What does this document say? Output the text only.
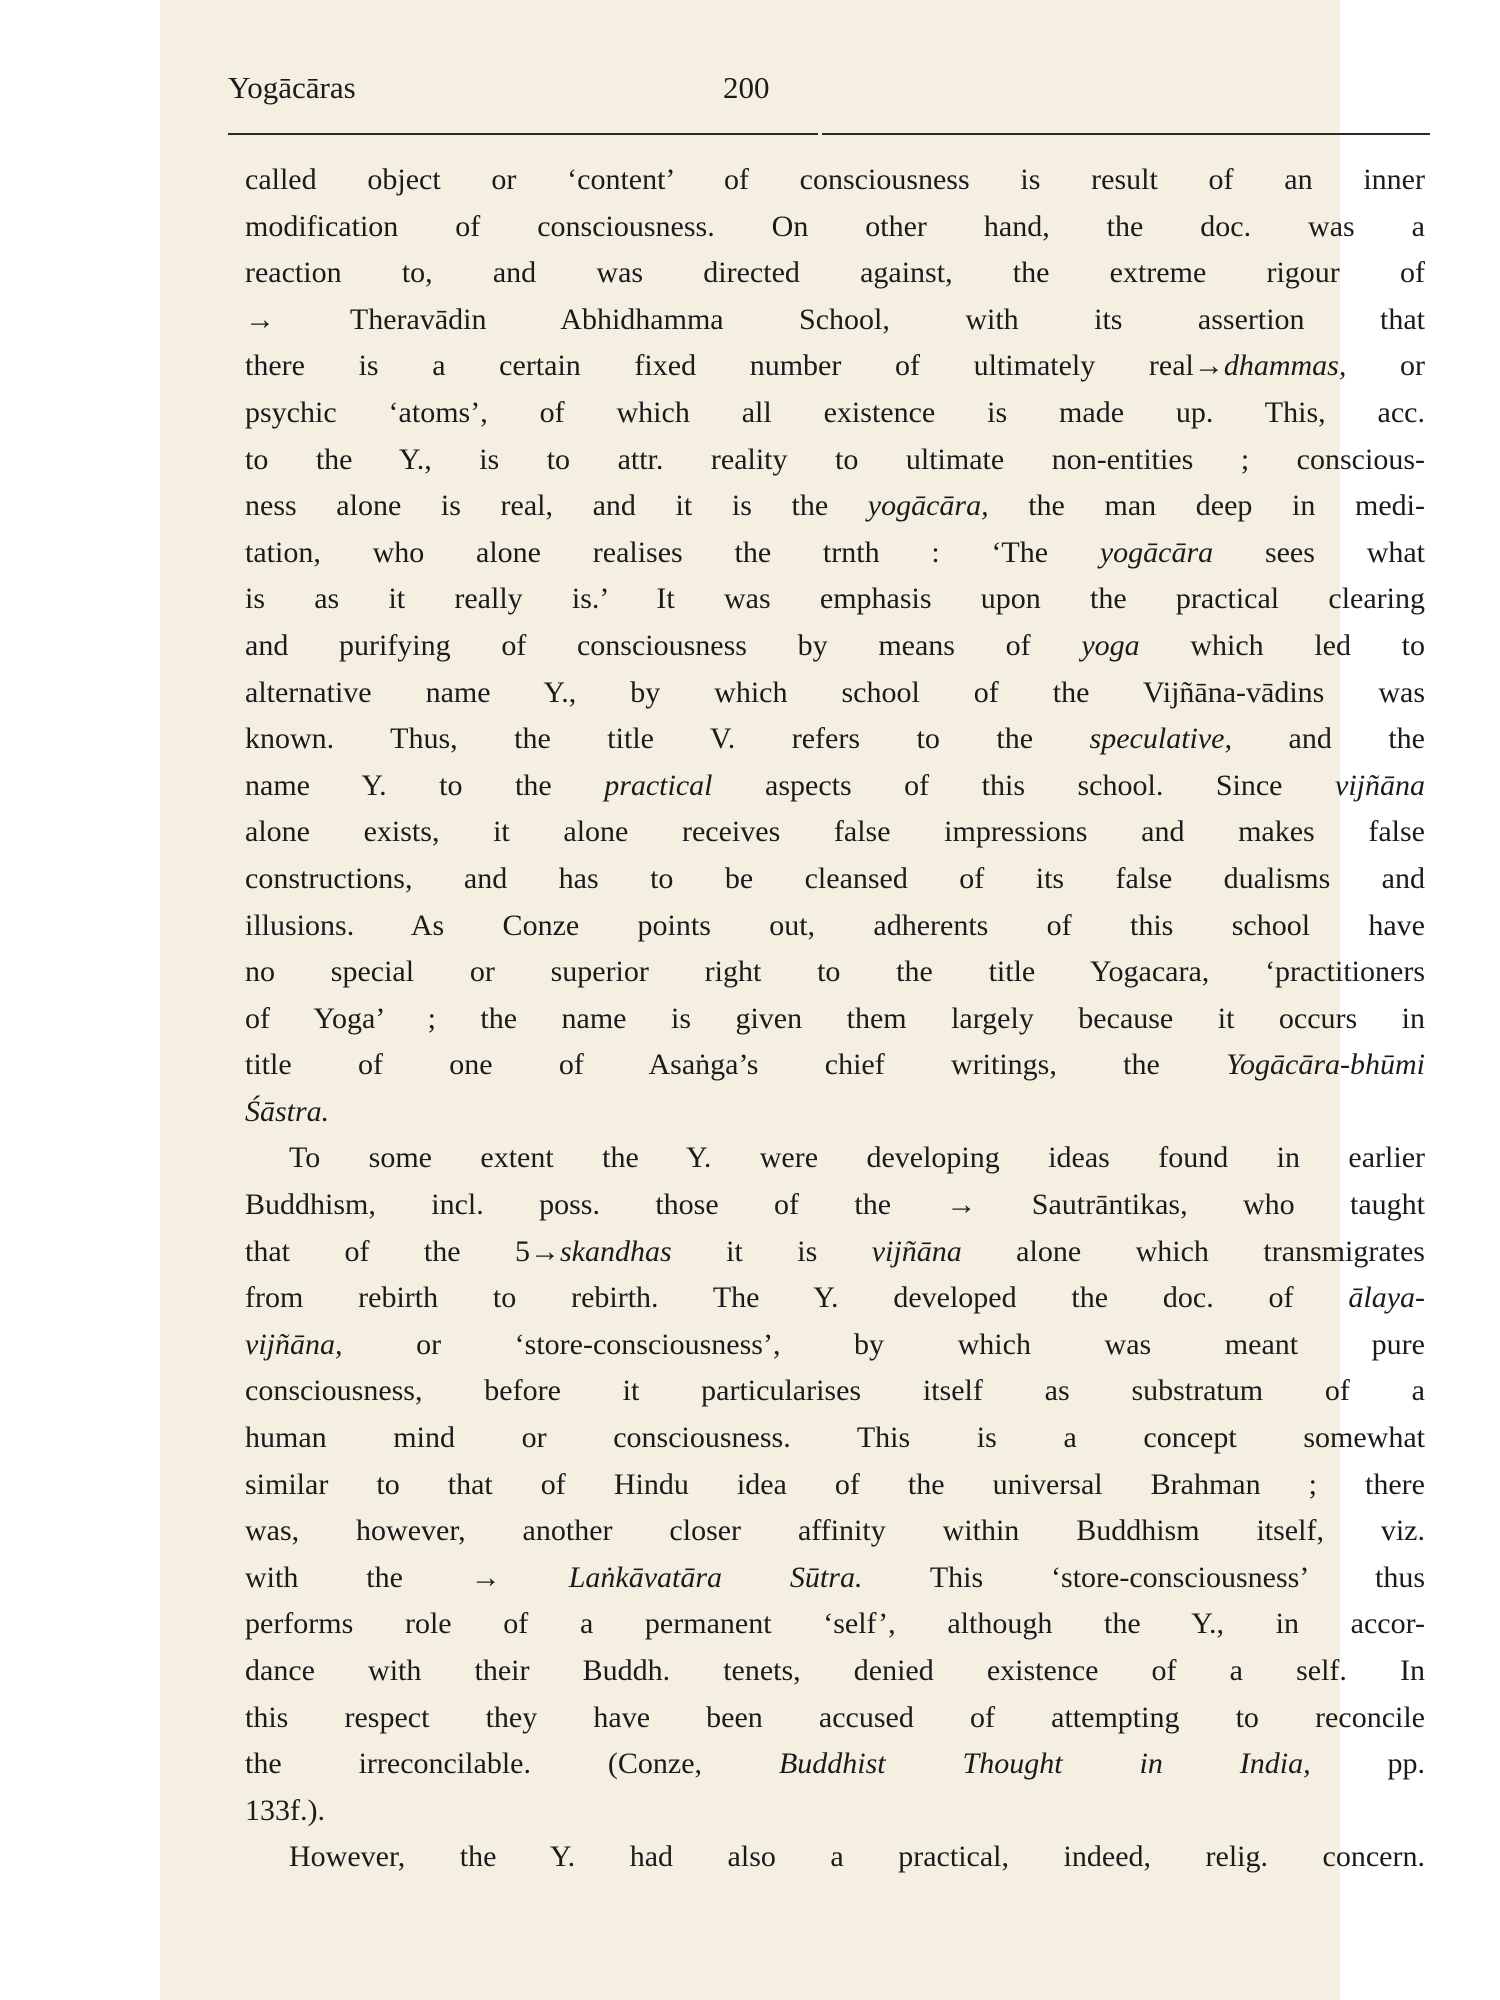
Yogācāras	200
called object or ‘content’ of consciousness is result of an inner
modification of consciousness. On other hand, the doc. was a
reaction to, and was directed against, the extreme rigour of
→ Theravādin Abhidhamma School, with its assertion that
there is a certain fixed number of ultimately real→dhammas, or
psychic ‘atoms’, of which all existence is made up. This, acc.
to the Y., is to attr. reality to ultimate non-entities ; conscious-
ness alone is real, and it is the yogācāra, the man deep in medi-
tation, who alone realises the trnth : ‘The yogācāra sees what
is as it really is.’ It was emphasis upon the practical clearing
and purifying of consciousness by means of yoga which led to
alternative name Y., by which school of the Vijñāna-vādins was
known. Thus, the title V. refers to the speculative, and the
name Y. to the practical aspects of this school. Since vijñāna
alone exists, it alone receives false impressions and makes false
constructions, and has to be cleansed of its false dualisms and
illusions. As Conze points out, adherents of this school have
no special or superior right to the title Yogacara, ‘practitioners
of Yoga’ ; the name is given them largely because it occurs in
title of one of Asaṅga’s chief writings, the Yogācāra-bhūmi
Śāstra.
To some extent the Y. were developing ideas found in earlier
Buddhism, incl. poss. those of the → Sautrāntikas, who taught
that of the 5→skandhas it is vijñāna alone which transmigrates
from rebirth to rebirth. The Y. developed the doc. of ālaya-
vijñāna, or ‘store-consciousness’, by which was meant pure
consciousness, before it particularises itself as substratum of a
human mind or consciousness. This is a concept somewhat
similar to that of Hindu idea of the universal Brahman ; there
was, however, another closer affinity within Buddhism itself, viz.
with the → Laṅkāvatāra Sūtra. This ‘store-consciousness’ thus
performs role of a permanent ‘self’, although the Y., in accor-
dance with their Buddh. tenets, denied existence of a self. In
this respect they have been accused of attempting to reconcile
the irreconcilable. (Conze, Buddhist Thought in India, pp.
133f.).
However, the Y. had also a practical, indeed, relig. concern.
